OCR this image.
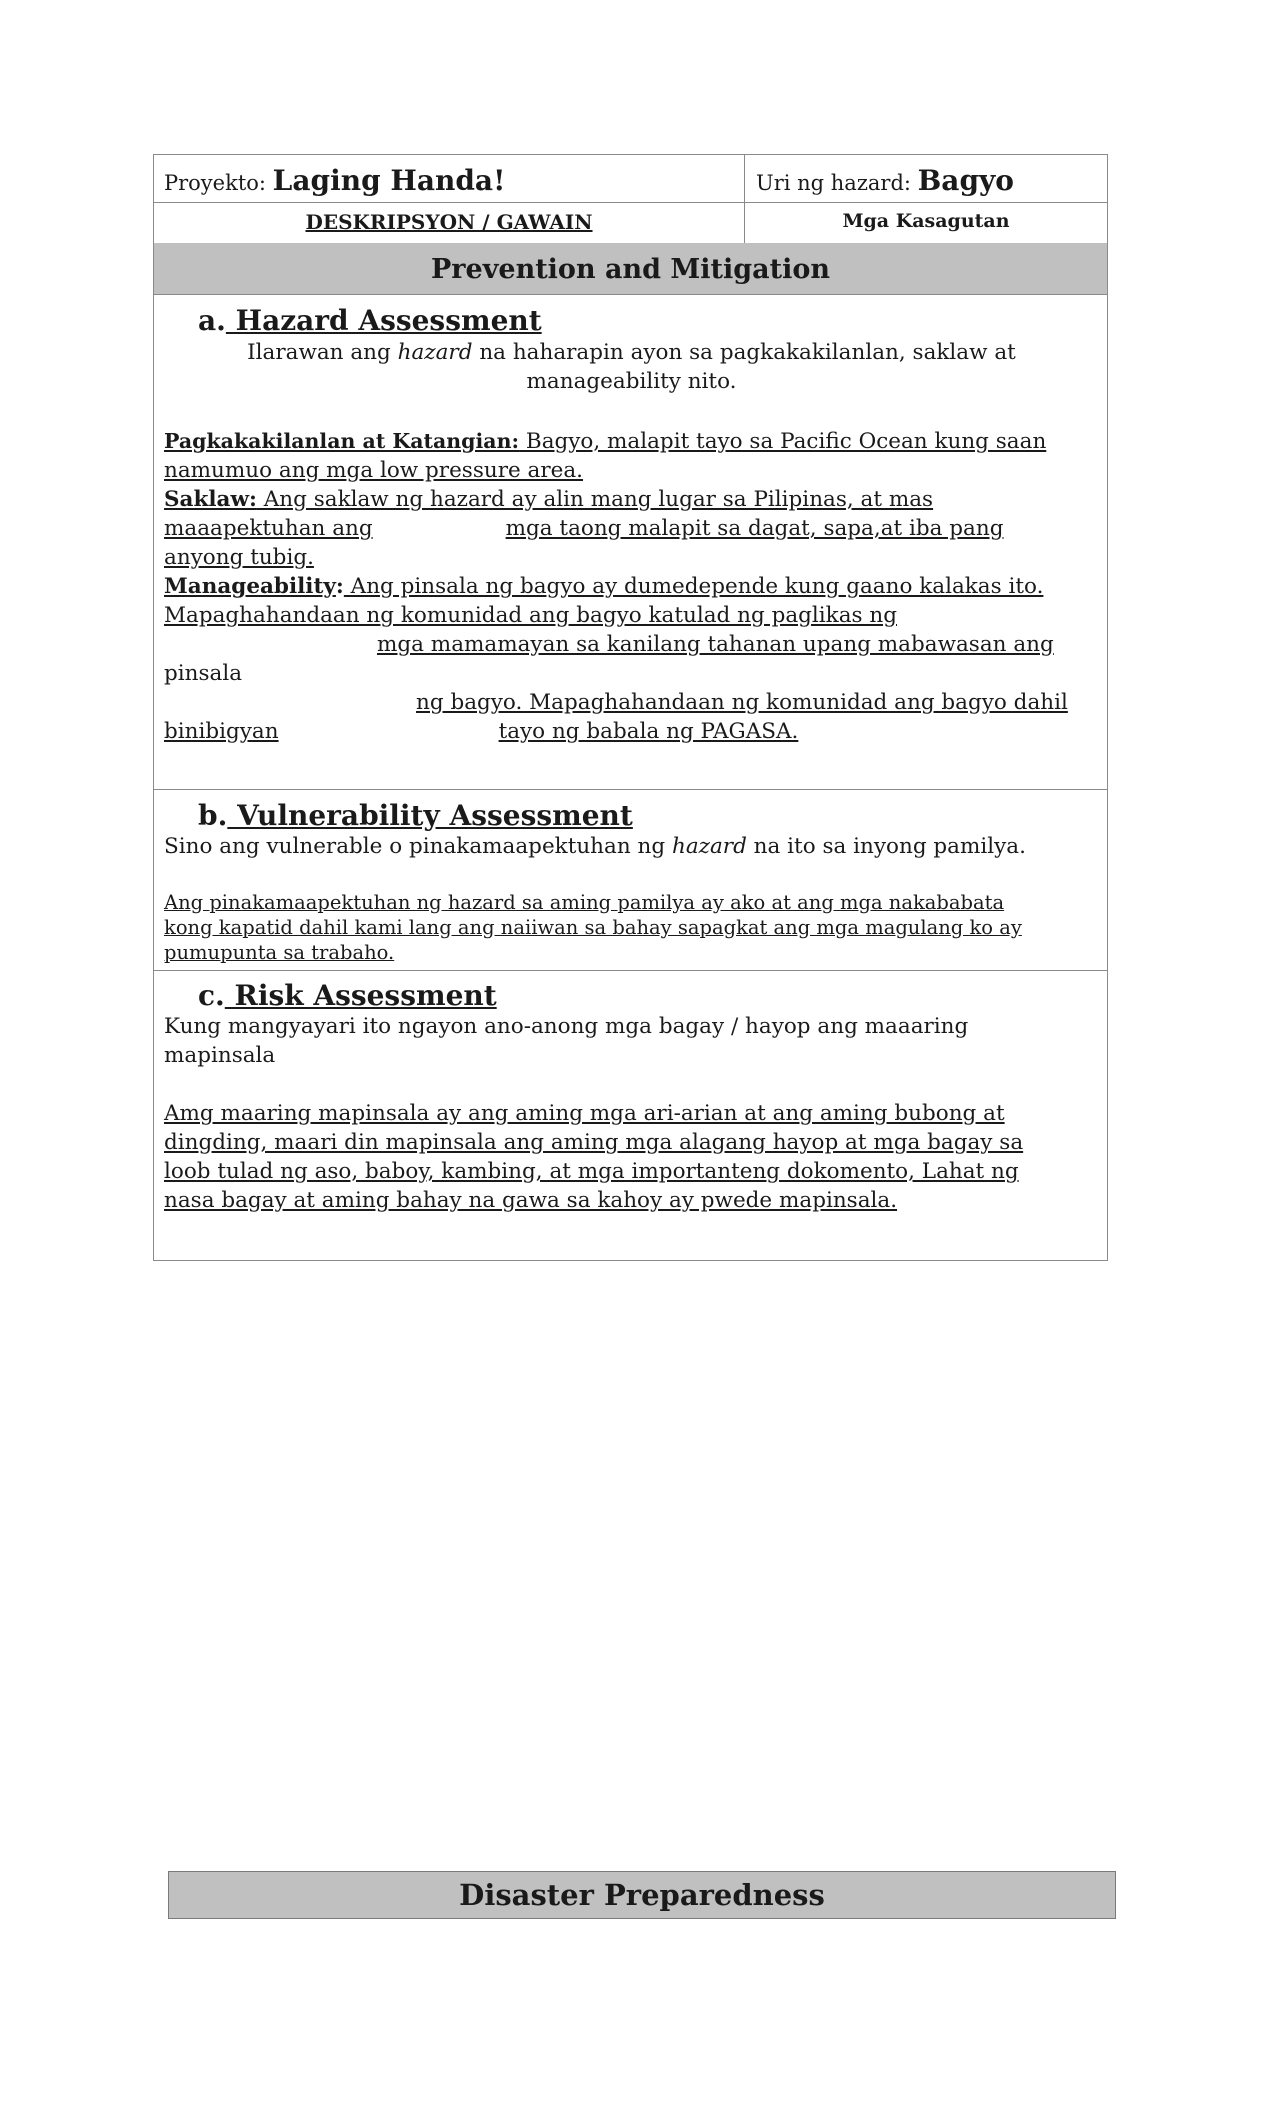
Proyekto: Laging Handa!	Uri ng hazard: Bagyo
DESKRIPSYON / GAWAIN	Mga Kasagutan
Prevention and Mitigation
a. Hazard Assessment
Ilarawan ang hazard na haharapin ayon sa pagkakakilanlan, saklaw at
manageability nito.
Pagkakakilanlan at Katangian: Bagyo, malapit tayo sa Pacific Ocean kung saan
namumuo ang mga low pressure area.
Saklaw: Ang saklaw ng hazard ay alin mang lugar sa Pilipinas, at mas
maaapektuhan ang	mga taong malapit sa dagat, sapa,at iba pang
anyong tubig.
Manageability: Ang pinsala ng bagyo ay dumedepende kung gaano kalakas ito.
Mapaghahandaan ng komunidad ang bagyo katulad ng paglikas ng
mga mamamayan sa kanilang tahanan upang mabawasan ang
pinsala
ng bagyo. Mapaghahandaan ng komunidad ang bagyo dahil
binibigyan	tayo ng babala ng PAGASA.
b. Vulnerability Assessment
Sino ang vulnerable o pinakamaapektuhan ng hazard na ito sa inyong pamilya.
Ang pinakamaapektuhan ng hazard sa aming pamilya ay ako at ang mga nakababata
kong kapatid dahil kami lang ang naiiwan sa bahay sapagkat ang mga magulang ko ay
pumupunta sa trabaho.
c. Risk Assessment
Kung mangyayari ito ngayon ano-anong mga bagay / hayop ang maaaring
mapinsala
Amg maaring mapinsala ay ang aming mga ari-arian at ang aming bubong at
dingding, maari din mapinsala ang aming mga alagang hayop at mga bagay sa
loob tulad ng aso, baboy, kambing, at mga importanteng dokomento, Lahat ng
nasa bagay at aming bahay na gawa sa kahoy ay pwede mapinsala.
Disaster Preparedness
